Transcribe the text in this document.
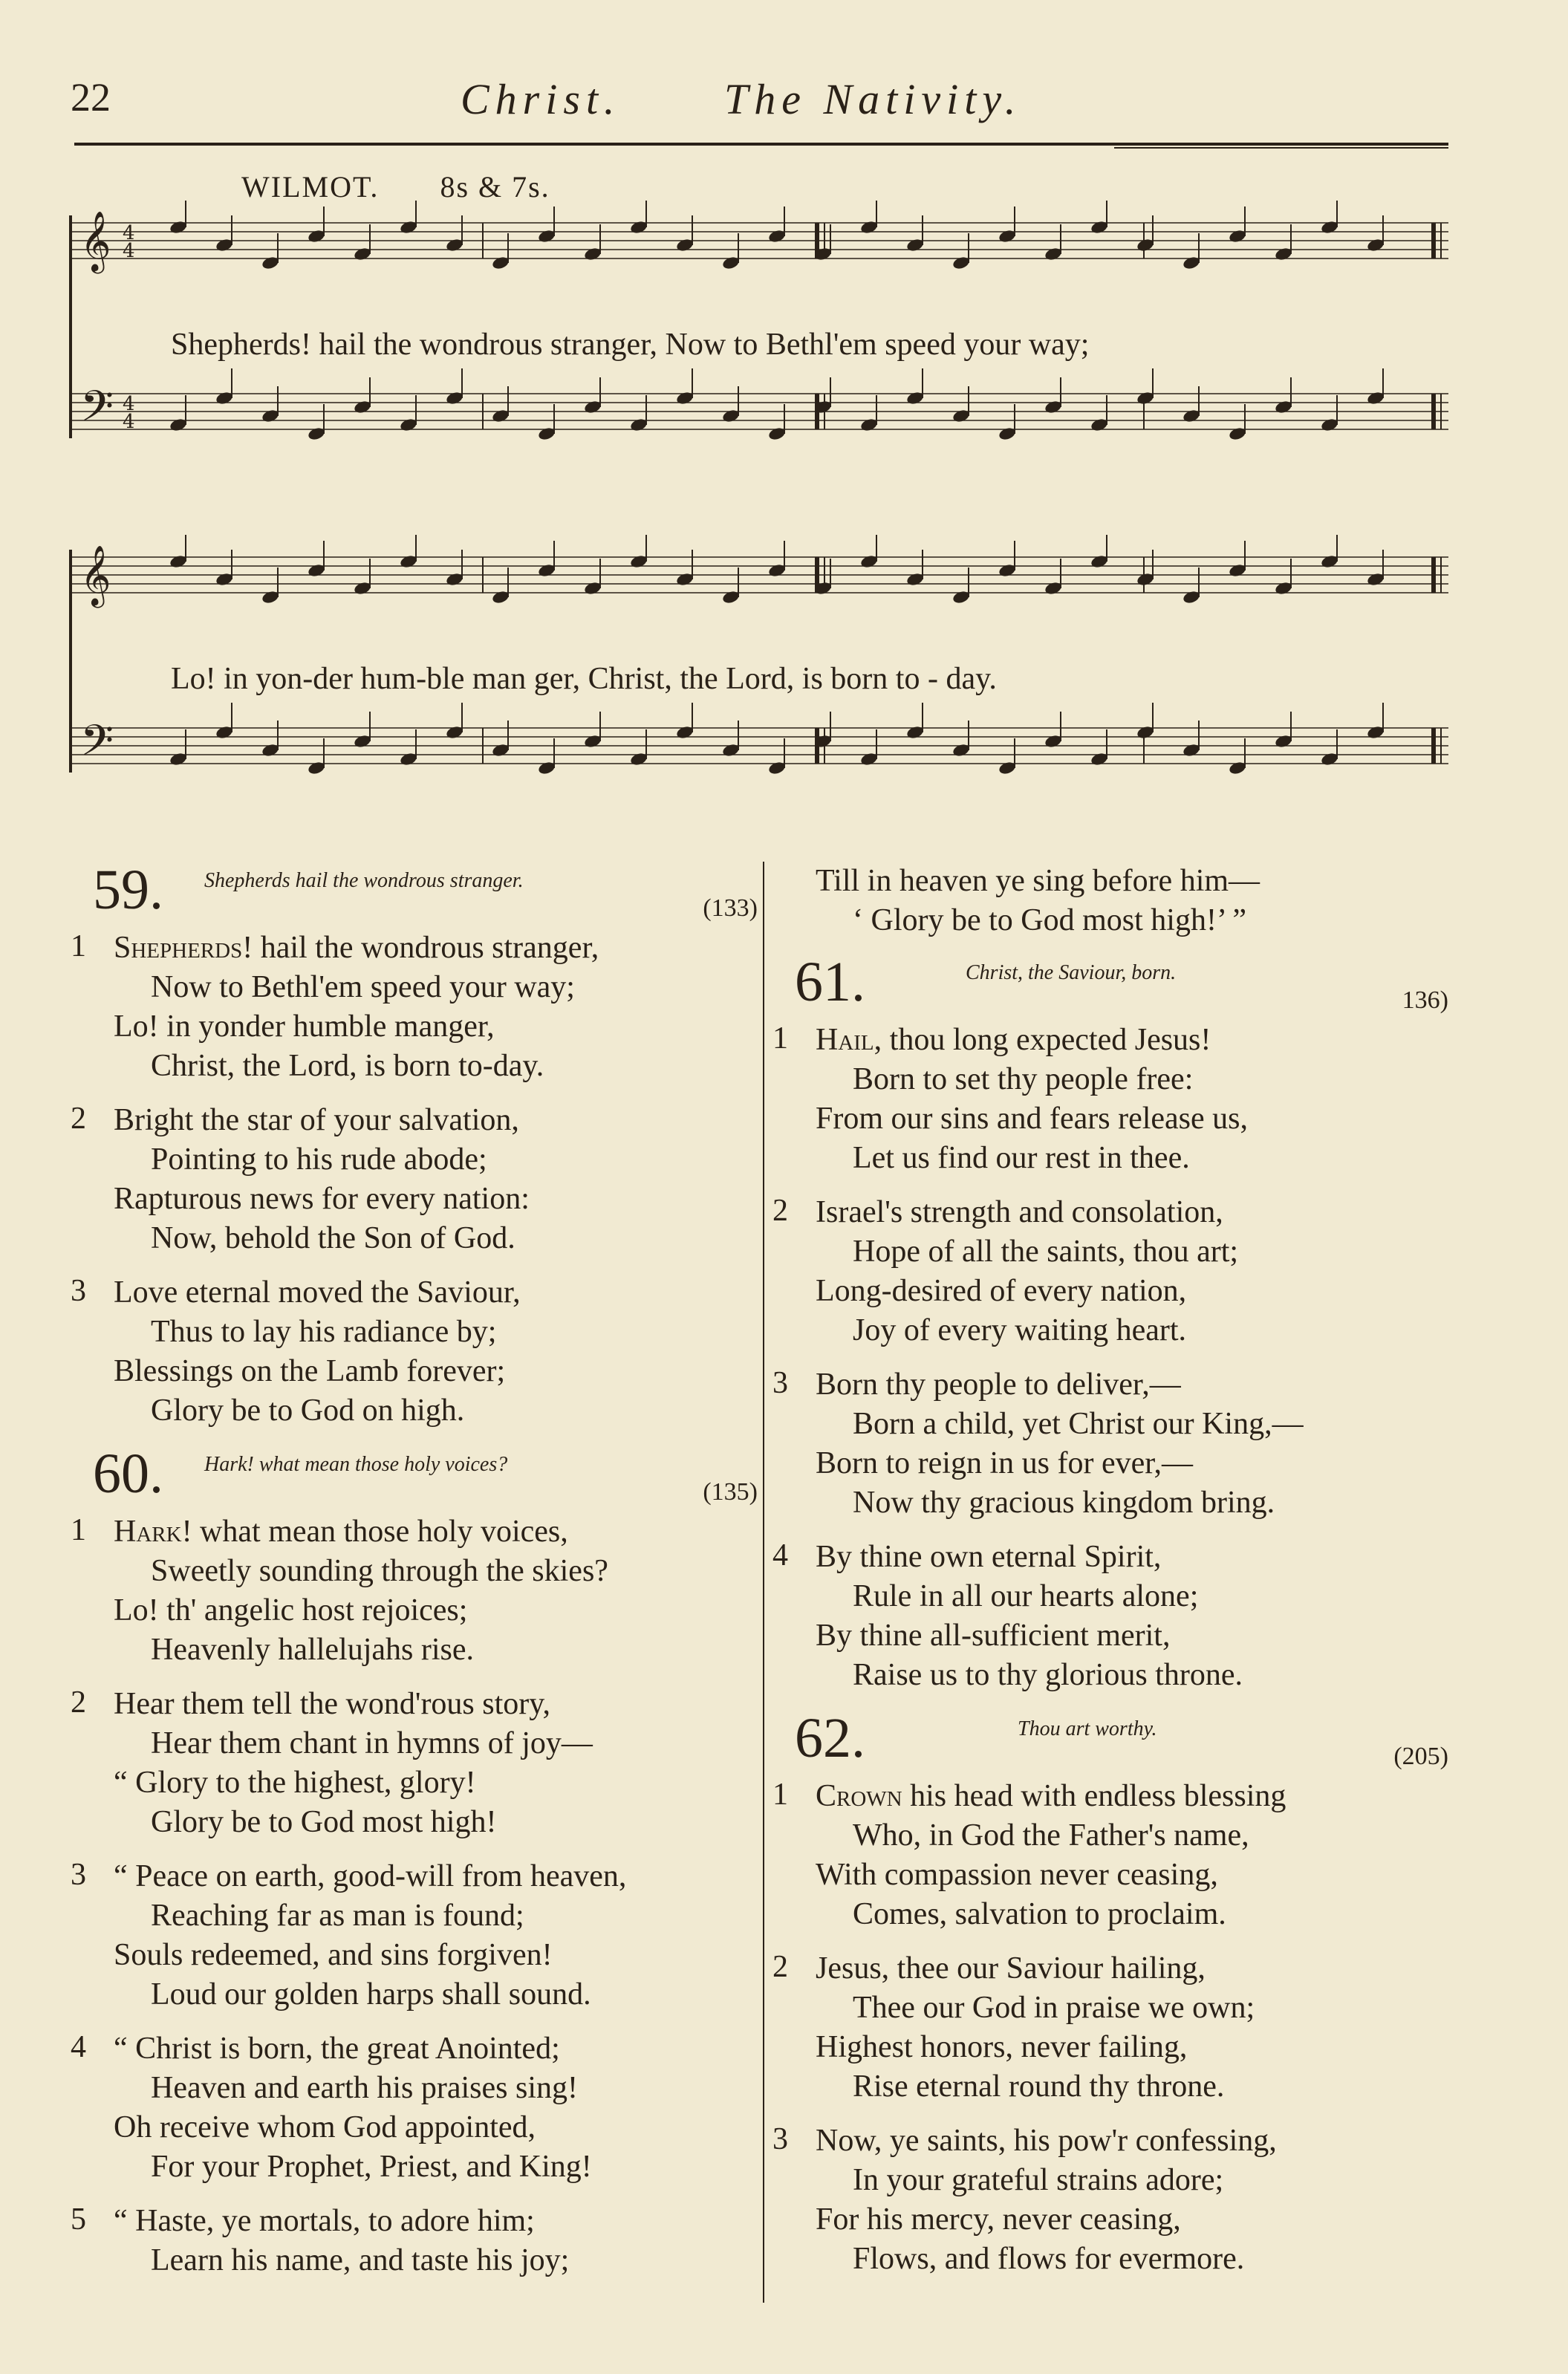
22	Christ. The Nativity.
WILMOT. 8s & 7s.
𝄞 4
4
𝄢 4
4
Shepherds! hail the wondrous stranger, Now to Bethl'em speed your way;
𝄞
𝄢
Lo! in yon-der hum-ble man ger, Christ, the Lord, is born to - day.
59. Shepherds hail the wondrous stranger.
(133)
1 Shepherds! hail the wondrous stranger,
Now to Bethl'em speed your way;
Lo! in yonder humble manger,
Christ, the Lord, is born to-day.
2 Bright the star of your salvation,
Pointing to his rude abode;
Rapturous news for every nation:
Now, behold the Son of God.
3 Love eternal moved the Saviour,
Thus to lay his radiance by;
Blessings on the Lamb forever;
Glory be to God on high.
60. Hark! what mean those holy voices?
(135)
1 Hark! what mean those holy voices,
Sweetly sounding through the skies?
Lo! th' angelic host rejoices;
Heavenly hallelujahs rise.
2 Hear them tell the wond'rous story,
Hear them chant in hymns of joy—
“ Glory to the highest, glory!
Glory be to God most high!
3 “ Peace on earth, good-will from heaven,
Reaching far as man is found;
Souls redeemed, and sins forgiven!
Loud our golden harps shall sound.
4 “ Christ is born, the great Anointed;
Heaven and earth his praises sing!
Oh receive whom God appointed,
For your Prophet, Priest, and King!
5 “ Haste, ye mortals, to adore him;
Learn his name, and taste his joy;
Till in heaven ye sing before him—
‘ Glory be to God most high!’ ”
61.	Christ, the Saviour, born.
136)
1 Hail, thou long expected Jesus!
Born to set thy people free:
From our sins and fears release us,
Let us find our rest in thee.
2 Israel's strength and consolation,
Hope of all the saints, thou art;
Long-desired of every nation,
Joy of every waiting heart.
3 Born thy people to deliver,—
Born a child, yet Christ our King,—
Born to reign in us for ever,—
Now thy gracious kingdom bring.
4 By thine own eternal Spirit,
Rule in all our hearts alone;
By thine all-sufficient merit,
Raise us to thy glorious throne.
62.	Thou art worthy.
(205)
1 Crown his head with endless blessing
Who, in God the Father's name,
With compassion never ceasing,
Comes, salvation to proclaim.
2 Jesus, thee our Saviour hailing,
Thee our God in praise we own;
Highest honors, never failing,
Rise eternal round thy throne.
3 Now, ye saints, his pow'r confessing,
In your grateful strains adore;
For his mercy, never ceasing,
Flows, and flows for evermore.
